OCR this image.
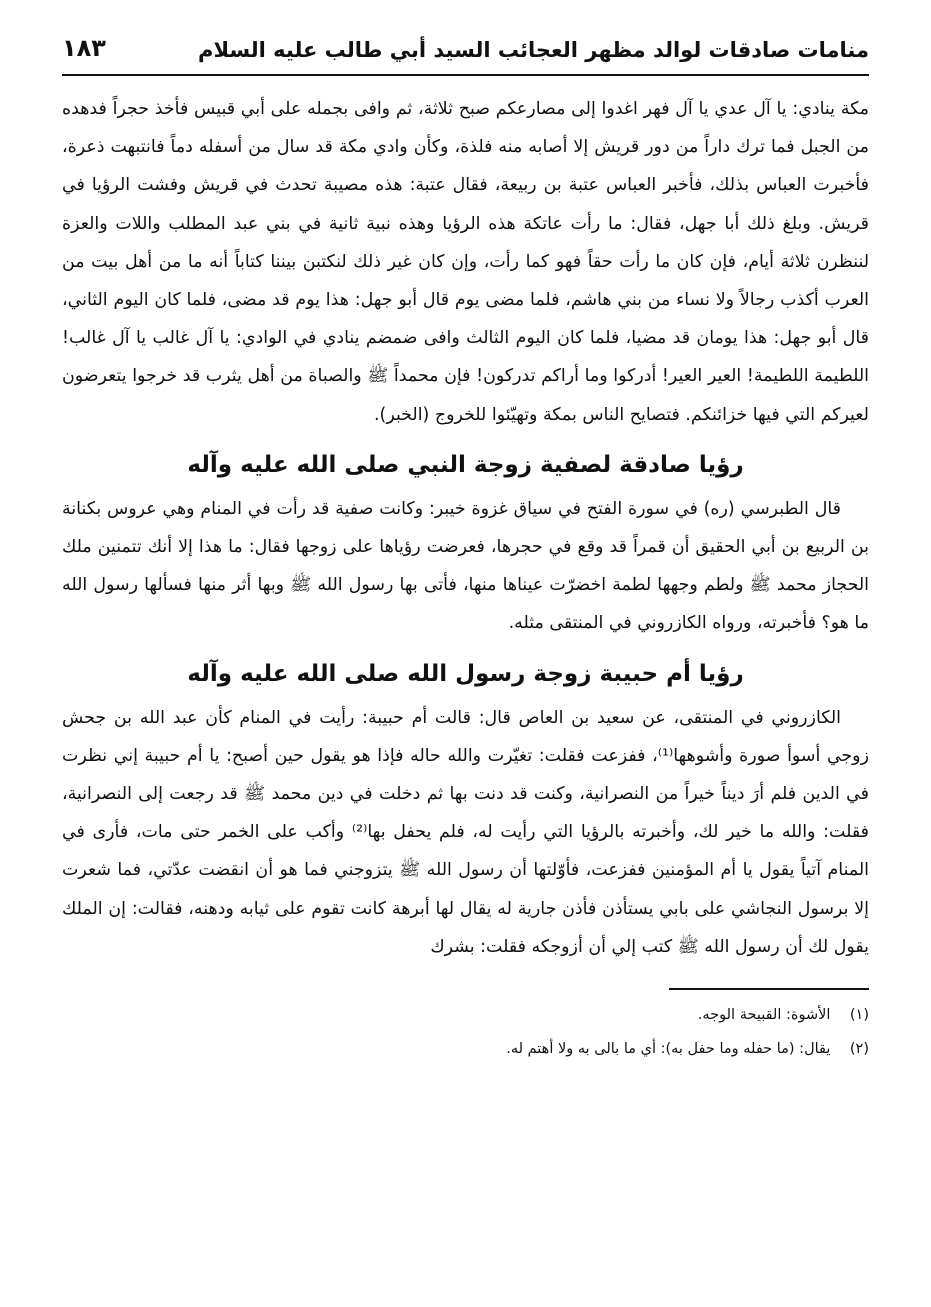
منامات صادقات لوالد مظهر العجائب السيد أبي طالب عليه السلام
١٨٣

مكة ينادي: يا آل عدي يا آل فهر اغدوا إلى مصارعكم صبح ثلاثة، ثم وافى بجمله على أبي قبيس فأخذ حجراً فدهده من الجبل فما ترك داراً من دور قريش إلا أصابه منه فلذة، وكأن وادي مكة قد سال من أسفله دماً فانتبهت ذعرة، فأخبرت العباس بذلك، فأخبر العباس عتبة بن ربيعة، فقال عتبة: هذه مصيبة تحدث في قريش وفشت الرؤيا في قريش. وبلغ ذلك أبا جهل، فقال: ما رأت عاتكة هذه الرؤيا وهذه نبية ثانية في بني عبد المطلب واللات والعزة لننظرن ثلاثة أيام، فإن كان ما رأت حقاً فهو كما رأت، وإن كان غير ذلك لنكتبن بيننا كتاباً أنه ما من أهل بيت من العرب أكذب رجالاً ولا نساء من بني هاشم، فلما مضى يوم قال أبو جهل: هذا يوم قد مضى، فلما كان اليوم الثاني، قال أبو جهل: هذا يومان قد مضيا، فلما كان اليوم الثالث وافى ضمضم ينادي في الوادي: يا آل غالب يا آل غالب! اللطيمة اللطيمة! العير العير! أدركوا وما أراكم تدركون! فإن محمداً ﷺ والصباة من أهل يثرب قد خرجوا يتعرضون لعيركم التي فيها خزائنكم. فتصايح الناس بمكة وتهيّئوا للخروج (الخبر).

رؤيا صادقة لصفية زوجة النبي صلى الله عليه وآله

قال الطبرسي (ره) في سورة الفتح في سياق غزوة خيبر: وكانت صفية قد رأت في المنام وهي عروس بكنانة بن الربيع بن أبي الحقيق أن قمراً قد وقع في حجرها، فعرضت رؤياها على زوجها فقال: ما هذا إلا أنك تتمنين ملك الحجاز محمد ﷺ ولطم وجهها لطمة اخضرّت عيناها منها، فأتى بها رسول الله ﷺ وبها أثر منها فسألها رسول الله ما هو؟ فأخبرته، ورواه الكازروني في المنتقى مثله.

رؤيا أم حبيبة زوجة رسول الله صلى الله عليه وآله

الكازروني في المنتقى، عن سعيد بن العاص قال: قالت أم حبيبة: رأيت في المنام كأن عبد الله بن جحش زوجي أسوأ صورة وأشوهها⁽¹⁾، ففزعت فقلت: تغيّرت والله حاله فإذا هو يقول حين أصبح: يا أم حبيبة إني نظرت في الدين فلم أرَ ديناً خيراً من النصرانية، وكنت قد دنت بها ثم دخلت في دين محمد ﷺ قد رجعت إلى النصرانية، فقلت: والله ما خير لك، وأخبرته بالرؤيا التي رأيت له، فلم يحفل بها⁽²⁾ وأكب على الخمر حتى مات، فأرى في المنام آتياً يقول يا أم المؤمنين ففزعت، فأوّلتها أن رسول الله ﷺ يتزوجني فما هو أن انقضت عدّتي، فما شعرت إلا برسول النجاشي على بابي يستأذن فأذن جارية له يقال لها أبرهة كانت تقوم على ثيابه ودهنه، فقالت: إن الملك يقول لك أن رسول الله ﷺ كتب إلي أن أزوجكه فقلت: بشرك

(١) الأشوة: القبيحة الوجه.

(٢) يقال: (ما حفله وما حفل به): أي ما بالى به ولا أهتم له.
